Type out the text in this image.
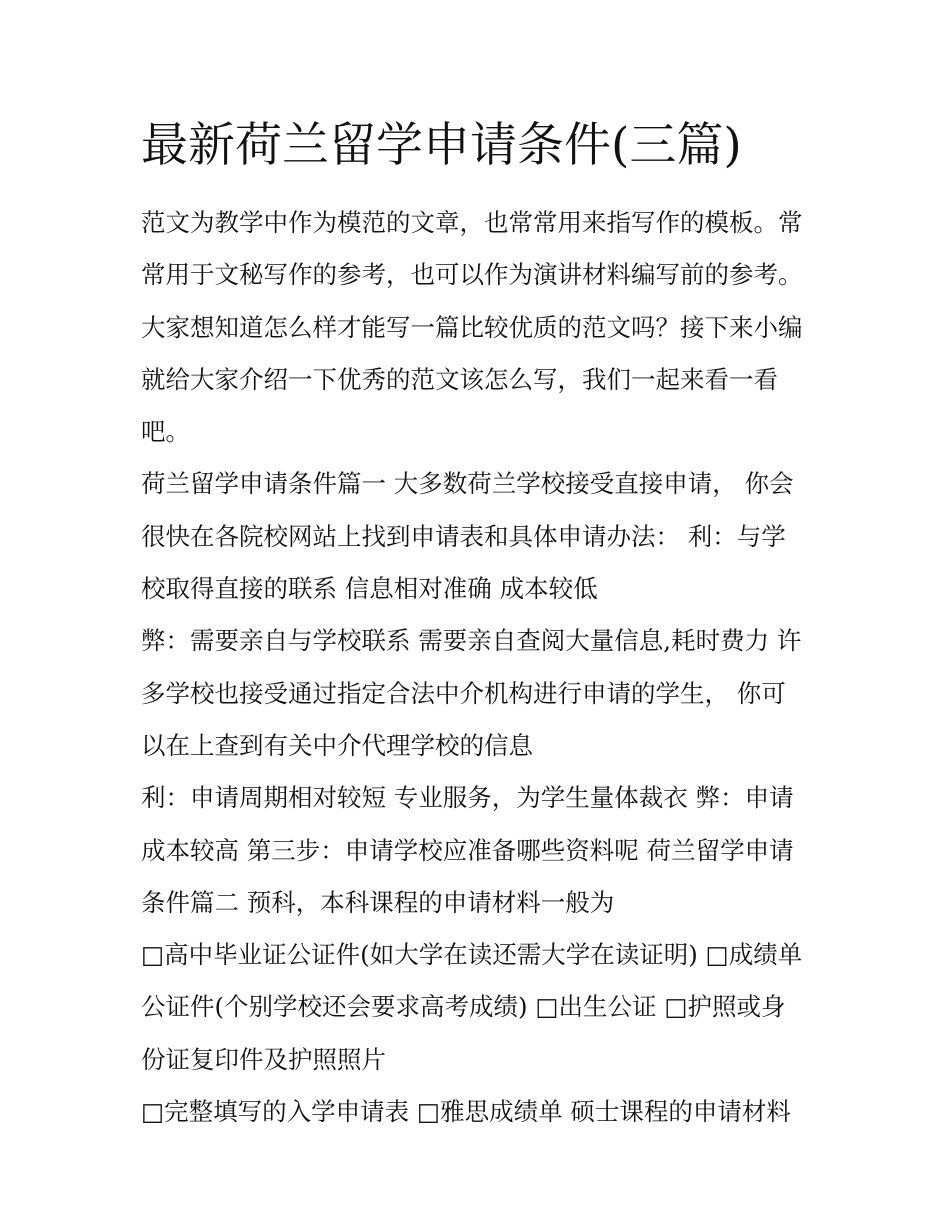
最新荷兰留学申请条件(三篇)
范文为教学中作为模范的文章，也常常用来指写作的模板。常
常用于文秘写作的参考，也可以作为演讲材料编写前的参考。
大家想知道怎么样才能写一篇比较优质的范文吗？接下来小编
就给大家介绍一下优秀的范文该怎么写，我们一起来看一看
吧。
荷兰留学申请条件篇一 大多数荷兰学校接受直接申请， 你会
很快在各院校网站上找到申请表和具体申请办法： 利：与学
校取得直接的联系 信息相对准确 成本较低
弊：需要亲自与学校联系 需要亲自查阅大量信息,耗时费力 许
多学校也接受通过指定合法中介机构进行申请的学生， 你可
以在上查到有关中介代理学校的信息
利：申请周期相对较短 专业服务，为学生量体裁衣 弊：申请
成本较高 第三步：申请学校应准备哪些资料呢 荷兰留学申请
条件篇二 预科，本科课程的申请材料一般为
□高中毕业证公证件(如大学在读还需大学在读证明) □成绩单
公证件(个别学校还会要求高考成绩) □出生公证 □护照或身
份证复印件及护照照片
□完整填写的入学申请表 □雅思成绩单 硕士课程的申请材料
